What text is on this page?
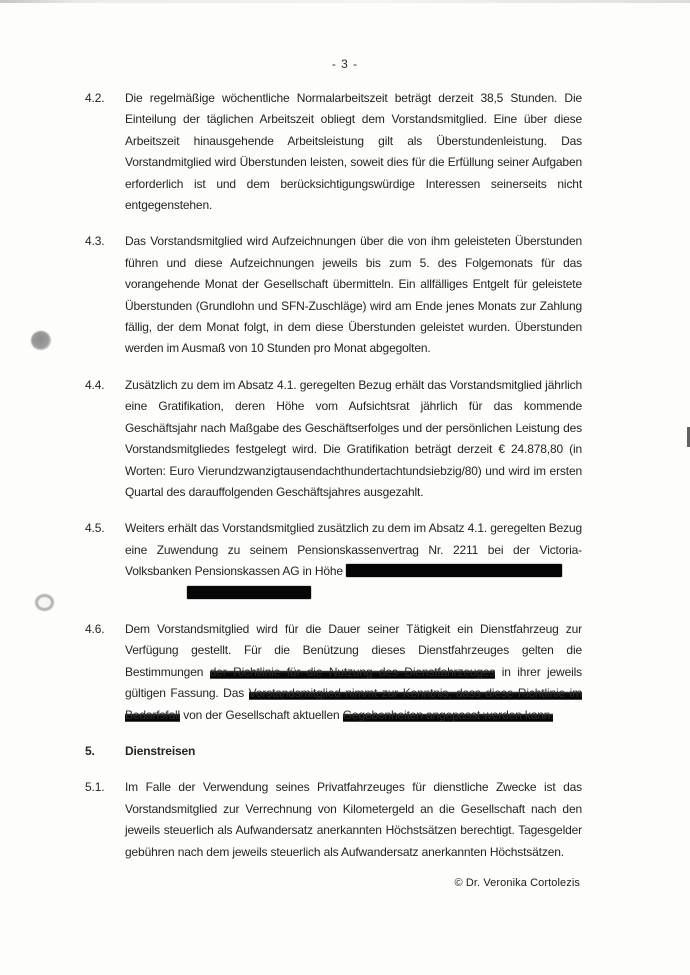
- 3 -
4.2.	Die regelmäßige wöchentliche Normalarbeitszeit beträgt derzeit 38,5 Stunden. Die Einteilung der täglichen Arbeitszeit obliegt dem Vorstandsmitglied. Eine über diese Arbeitszeit hinausgehende Arbeitsleistung gilt als Überstundenleistung. Das Vorstandmitglied wird Überstunden leisten, soweit dies für die Erfüllung seiner Aufgaben erforderlich ist und dem berücksichtigungswürdige Interessen seinerseits nicht entgegenstehen.
4.3.	Das Vorstandsmitglied wird Aufzeichnungen über die von ihm geleisteten Überstunden führen und diese Aufzeichnungen jeweils bis zum 5. des Folgemonats für das vorangehende Monat der Gesellschaft übermitteln. Ein allfälliges Entgelt für geleistete Überstunden (Grundlohn und SFN-Zuschläge) wird am Ende jenes Monats zur Zahlung fällig, der dem Monat folgt, in dem diese Überstunden geleistet wurden. Überstunden werden im Ausmaß von 10 Stunden pro Monat abgegolten.
4.4.	Zusätzlich zu dem im Absatz 4.1. geregelten Bezug erhält das Vorstandsmitglied jährlich eine Gratifikation, deren Höhe vom Aufsichtsrat jährlich für das kommende Geschäftsjahr nach Maßgabe des Geschäftserfolges und der persönlichen Leistung des Vorstandsmitgliedes festgelegt wird. Die Gratifikation beträgt derzeit € 24.878,80 (in Worten: Euro Vierundzwanzigtausendachthundertachtundsiebzig/80) und wird im ersten Quartal des darauffolgenden Geschäftsjahres ausgezahlt.
4.5.	Weiters erhält das Vorstandsmitglied zusätzlich zu dem im Absatz 4.1. geregelten Bezug eine Zuwendung zu seinem Pensionskassenvertrag Nr. 2211 bei der Victoria-Volksbanken Pensionskassen AG in Höhe

4.6.	Dem Vorstandsmitglied wird für die Dauer seiner Tätigkeit ein Dienstfahrzeug zur Verfügung gestellt. Für die Benützung dieses Dienstfahrzeuges gelten die Bestimmungen der Richtlinie für die Nutzung des Dienstfahrzeuges in ihrer jeweils gültigen Fassung. Das Vorstandsmitglied nimmt zur Kenntnis, dass diese Richtlinie im Bedarfsfall von der Gesellschaft aktuellen Gegebenheiten angepasst werden kann.
5.	Dienstreisen
5.1.	Im Falle der Verwendung seines Privatfahrzeuges für dienstliche Zwecke ist das Vorstandsmitglied zur Verrechnung von Kilometergeld an die Gesellschaft nach den jeweils steuerlich als Aufwandersatz anerkannten Höchstsätzen berechtigt. Tagesgelder gebühren nach dem jeweils steuerlich als Aufwandersatz anerkannten Höchstsätzen.
© Dr. Veronika Cortolezis
